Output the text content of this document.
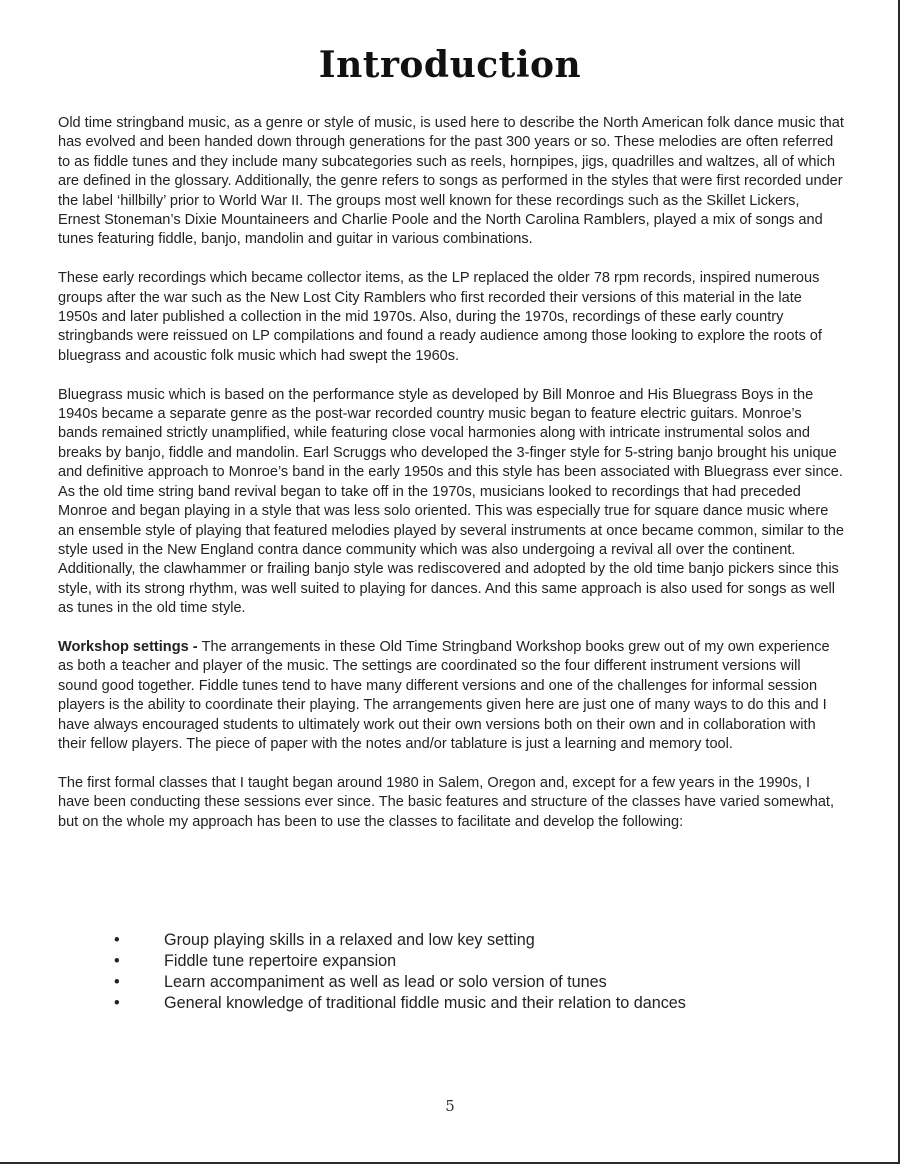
Introduction

Old time stringband music, as a genre or style of music, is used here to describe the North American folk dance music that has evolved and been handed down through generations for the past 300 years or so. These melodies are often referred to as fiddle tunes and they include many subcategories such as reels, hornpipes, jigs, quadrilles and waltzes, all of which are defined in the glossary. Additionally, the genre refers to songs as performed in the styles that were first recorded under the label ‘hillbilly’ prior to World War II. The groups most well known for these recordings such as the Skillet Lickers, Ernest Stoneman’s Dixie Mountaineers and Charlie Poole and the North Carolina Ramblers, played a mix of songs and tunes featuring fiddle, banjo, mandolin and guitar in various combinations.

These early recordings which became collector items, as the LP replaced the older 78 rpm records, inspired numerous groups after the war such as the New Lost City Ramblers who first recorded their versions of this material in the late 1950s and later published a collection in the mid 1970s. Also, during the 1970s, recordings of these early country stringbands were reissued on LP compilations and found a ready audience among those looking to explore the roots of bluegrass and acoustic folk music which had swept the 1960s.

Bluegrass music which is based on the performance style as developed by Bill Monroe and His Bluegrass Boys in the 1940s became a separate genre as the post-war recorded country music began to feature electric guitars. Monroe’s bands remained strictly unamplified, while featuring close vocal harmonies along with intricate instrumental solos and breaks by banjo, fiddle and mandolin. Earl Scruggs who developed the 3-finger style for 5-string banjo brought his unique and definitive approach to Monroe’s band in the early 1950s and this style has been associated with Bluegrass ever since. As the old time string band revival began to take off in the 1970s, musicians looked to recordings that had preceded Monroe and began playing in a style that was less solo oriented. This was especially true for square dance music where an ensemble style of playing that featured melodies played by several instruments at once became common, similar to the style used in the New England contra dance community which was also undergoing a revival all over the continent. Additionally, the clawhammer or frailing banjo style was rediscovered and adopted by the old time banjo pickers since this style, with its strong rhythm, was well suited to playing for dances. And this same approach is also used for songs as well as tunes in the old time style.

Workshop settings - The arrangements in these Old Time Stringband Workshop books grew out of my own experience as both a teacher and player of the music. The settings are coordinated so the four different instrument versions will sound good together. Fiddle tunes tend to have many different versions and one of the challenges for informal session players is the ability to coordinate their playing. The arrangements given here are just one of many ways to do this and I have always encouraged students to ultimately work out their own versions both on their own and in collaboration with their fellow players. The piece of paper with the notes and/or tablature is just a learning and memory tool.

The first formal classes that I taught began around 1980 in Salem, Oregon and, except for a few years in the 1990s, I have been conducting these sessions ever since. The basic features and structure of the classes have varied somewhat, but on the whole my approach has been to use the classes to facilitate and develop the following:

•	Group playing skills in a relaxed and low key setting
•	Fiddle tune repertoire expansion
•	Learn accompaniment as well as lead or solo version of tunes
•	General knowledge of traditional fiddle music and their relation to dances
5
